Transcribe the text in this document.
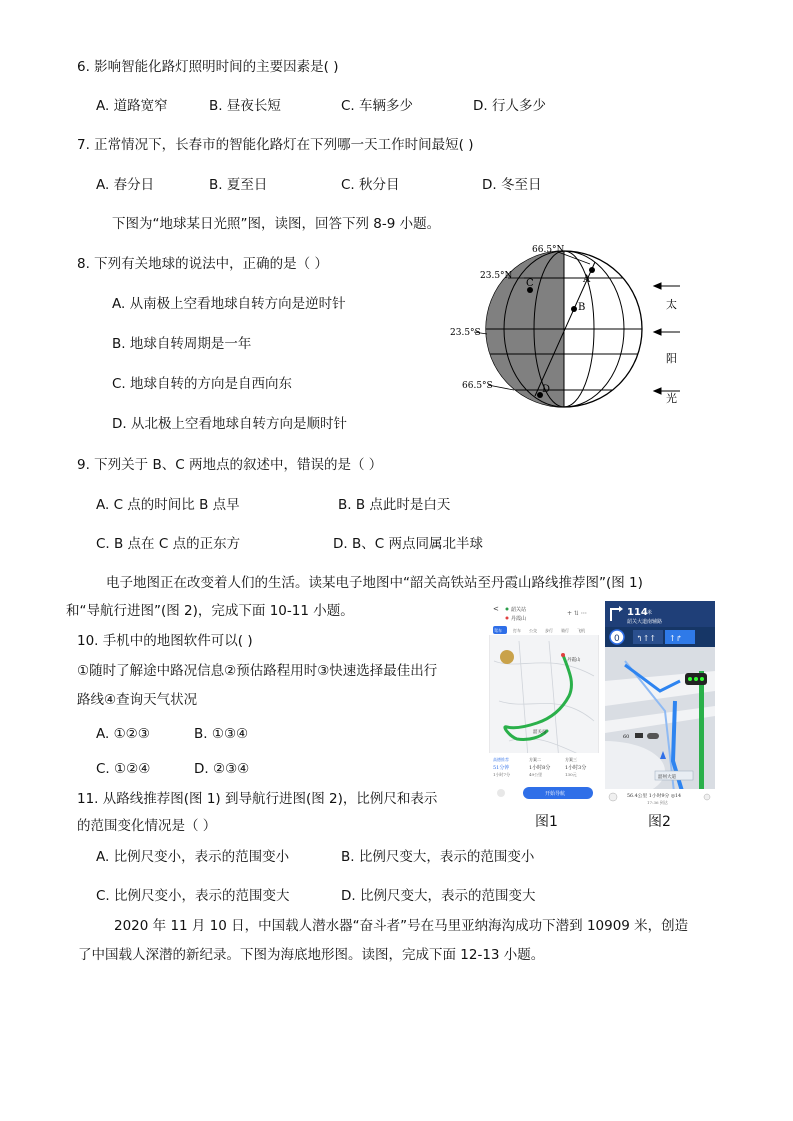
6. 影响智能化路灯照明时间的主要因素是( )
A. 道路宽窄	B. 昼夜长短	C. 车辆多少	D. 行人多少
7. 正常情况下，长春市的智能化路灯在下列哪一天工作时间最短( )
A. 春分日	B. 夏至日	C. 秋分目	D. 冬至日
下图为“地球某日光照”图，读图，回答下列 8-9 小题。
8. 下列有关地球的说法中，正确的是（ ）
A. 从南极上空看地球自转方向是逆时针
B. 地球自转周期是一年
C. 地球自转的方向是自西向东
D. 从北极上空看地球自转方向是顺时针
66.5°N
23.5°N
23.5°S
66.5°S
A
B
C
D
太
阳
光
9. 下列关于 B、C 两地点的叙述中，错误的是（ ）
A. C 点的时间比 B 点早	B. B 点此时是白天
C. B 点在 C 点的正东方	D. B、C 两点同属北半球
电子地图正在改变着人们的生活。读某电子地图中“韶关高铁站至丹霞山路线推荐图”(图 1)
和“导航行进图”(图 2)，完成下面 10-11 小题。
10. 手机中的地图软件可以( )
①随时了解途中路况信息②预估路程用时③快速选择最佳出行
路线④查询天气状况
A. ①②③	B. ①③④
C. ①②④	D. ②③④
11. 从路线推荐图(图 1) 到导航行进图(图 2)，比例尺和表示
的范围变化情况是（ ）
A. 比例尺变小，表示的范围变小	B. 比例尺变大，表示的范围变小
C. 比例尺变小，表示的范围变大	D. 比例尺变大，表示的范围变大
2020 年 11 月 10 日，中国载人潜水器“奋斗者”号在马里亚纳海沟成功下潜到 10909 米，创造
了中国载人深潜的新纪录。下图为海底地形图。读图，完成下面 12-13 小题。
< 韶关站
丹霞山
+ ⇅ ⋯
驾车	打车 公交 步行 骑行 飞机
丹霞山
韶关站
高德推荐
51分钟
1小时7分
方案二
1小时8分
49公里
方案三
1小时3分
130元
开始导航
图1
114 米
韶关大道南辅路
0 ↰↑↑ ↑↱
60
韶州大道
56.4公里 1小时9分 ◎14
17:36 到达
图2
